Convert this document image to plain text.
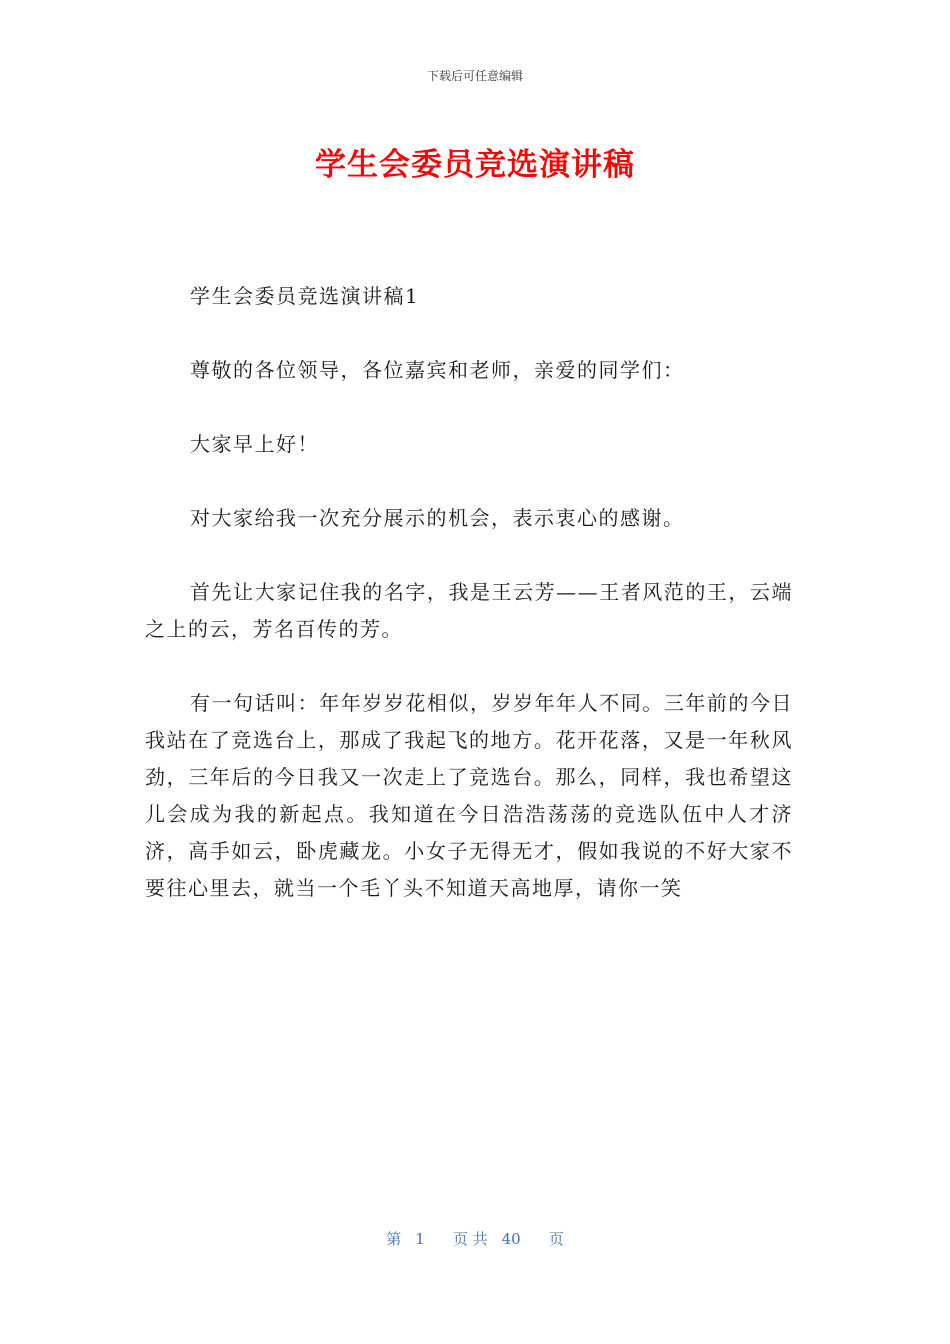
下载后可任意编辑
学生会委员竞选演讲稿

学生会委员竞选演讲稿1

尊敬的各位领导，各位嘉宾和老师，亲爱的同学们：

大家早上好！

对大家给我一次充分展示的机会，表示衷心的感谢。

首先让大家记住我的名字，我是王云芳——王者风范的王，云端之上的云，芳名百传的芳。

有一句话叫：年年岁岁花相似，岁岁年年人不同。三年前的今日我站在了竞选台上，那成了我起飞的地方。花开花落，又是一年秋风劲，三年后的今日我又一次走上了竞选台。那么，同样，我也希望这儿会成为我的新起点。我知道在今日浩浩荡荡的竞选队伍中人才济济，高手如云，卧虎藏龙。小女子无得无才，假如我说的不好大家不要往心里去，就当一个毛丫头不知道天高地厚，请你一笑

第 1 页 共 40 页
